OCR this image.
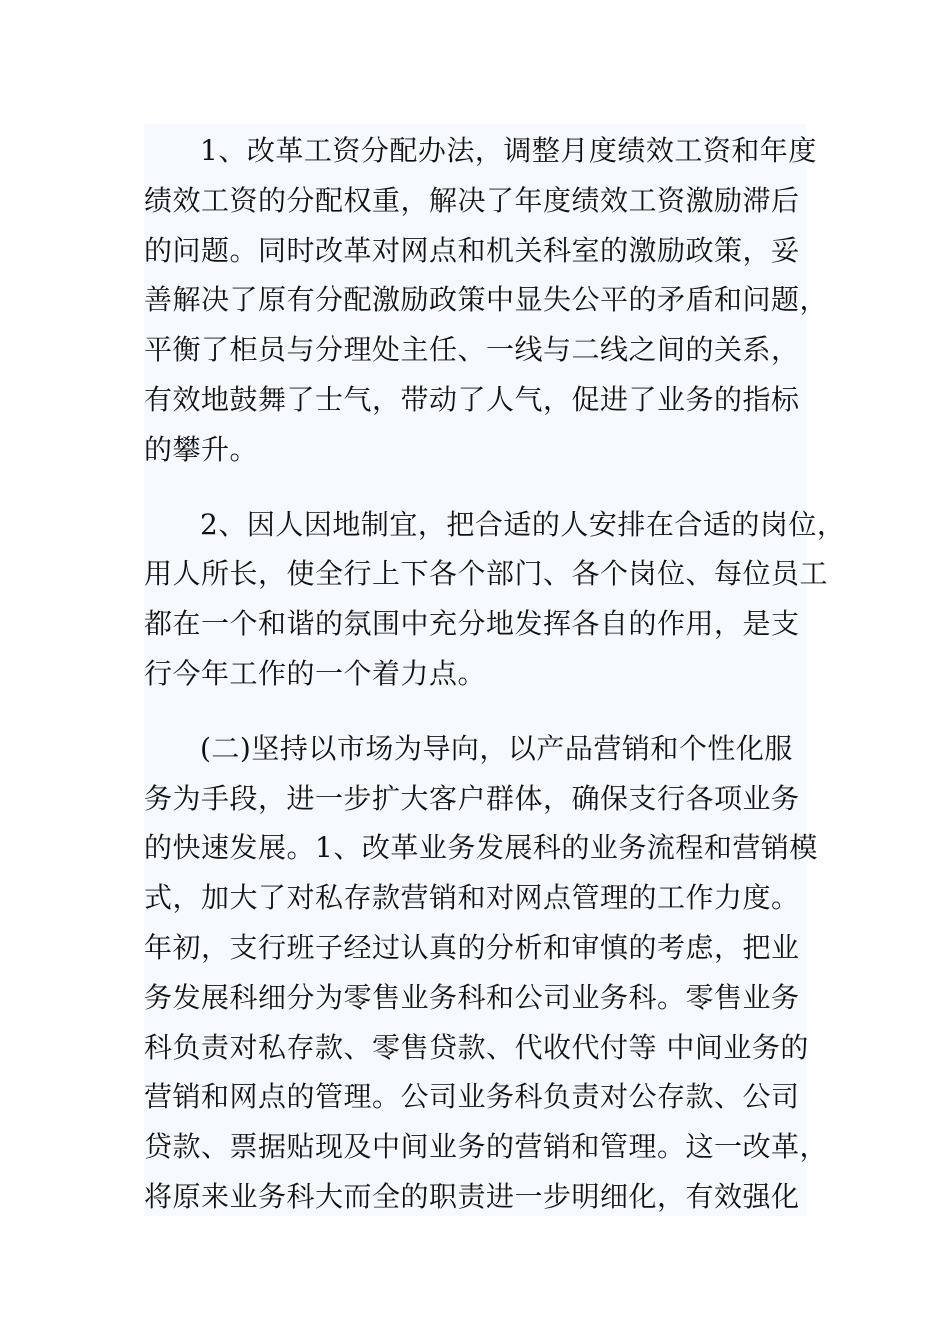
1、改革工资分配办法，调整月度绩效工资和年度
绩效工资的分配权重，解决了年度绩效工资激励滞后
的问题。同时改革对网点和机关科室的激励政策，妥
善解决了原有分配激励政策中显失公平的矛盾和问题，
平衡了柜员与分理处主任、一线与二线之间的关系，
有效地鼓舞了士气，带动了人气，促进了业务的指标
的攀升。
2、因人因地制宜，把合适的人安排在合适的岗位，
用人所长，使全行上下各个部门、各个岗位、每位员工
都在一个和谐的氛围中充分地发挥各自的作用，是支
行今年工作的一个着力点。
(二)坚持以市场为导向，以产品营销和个性化服
务为手段，进一步扩大客户群体，确保支行各项业务
的快速发展。1、改革业务发展科的业务流程和营销模
式，加大了对私存款营销和对网点管理的工作力度。
年初，支行班子经过认真的分析和审慎的考虑，把业
务发展科细分为零售业务科和公司业务科。零售业务
科负责对私存款、零售贷款、代收代付等 中间业务的
营销和网点的管理。公司业务科负责对公存款、公司
贷款、票据贴现及中间业务的营销和管理。这一改革，
将原来业务科大而全的职责进一步明细化，有效强化
